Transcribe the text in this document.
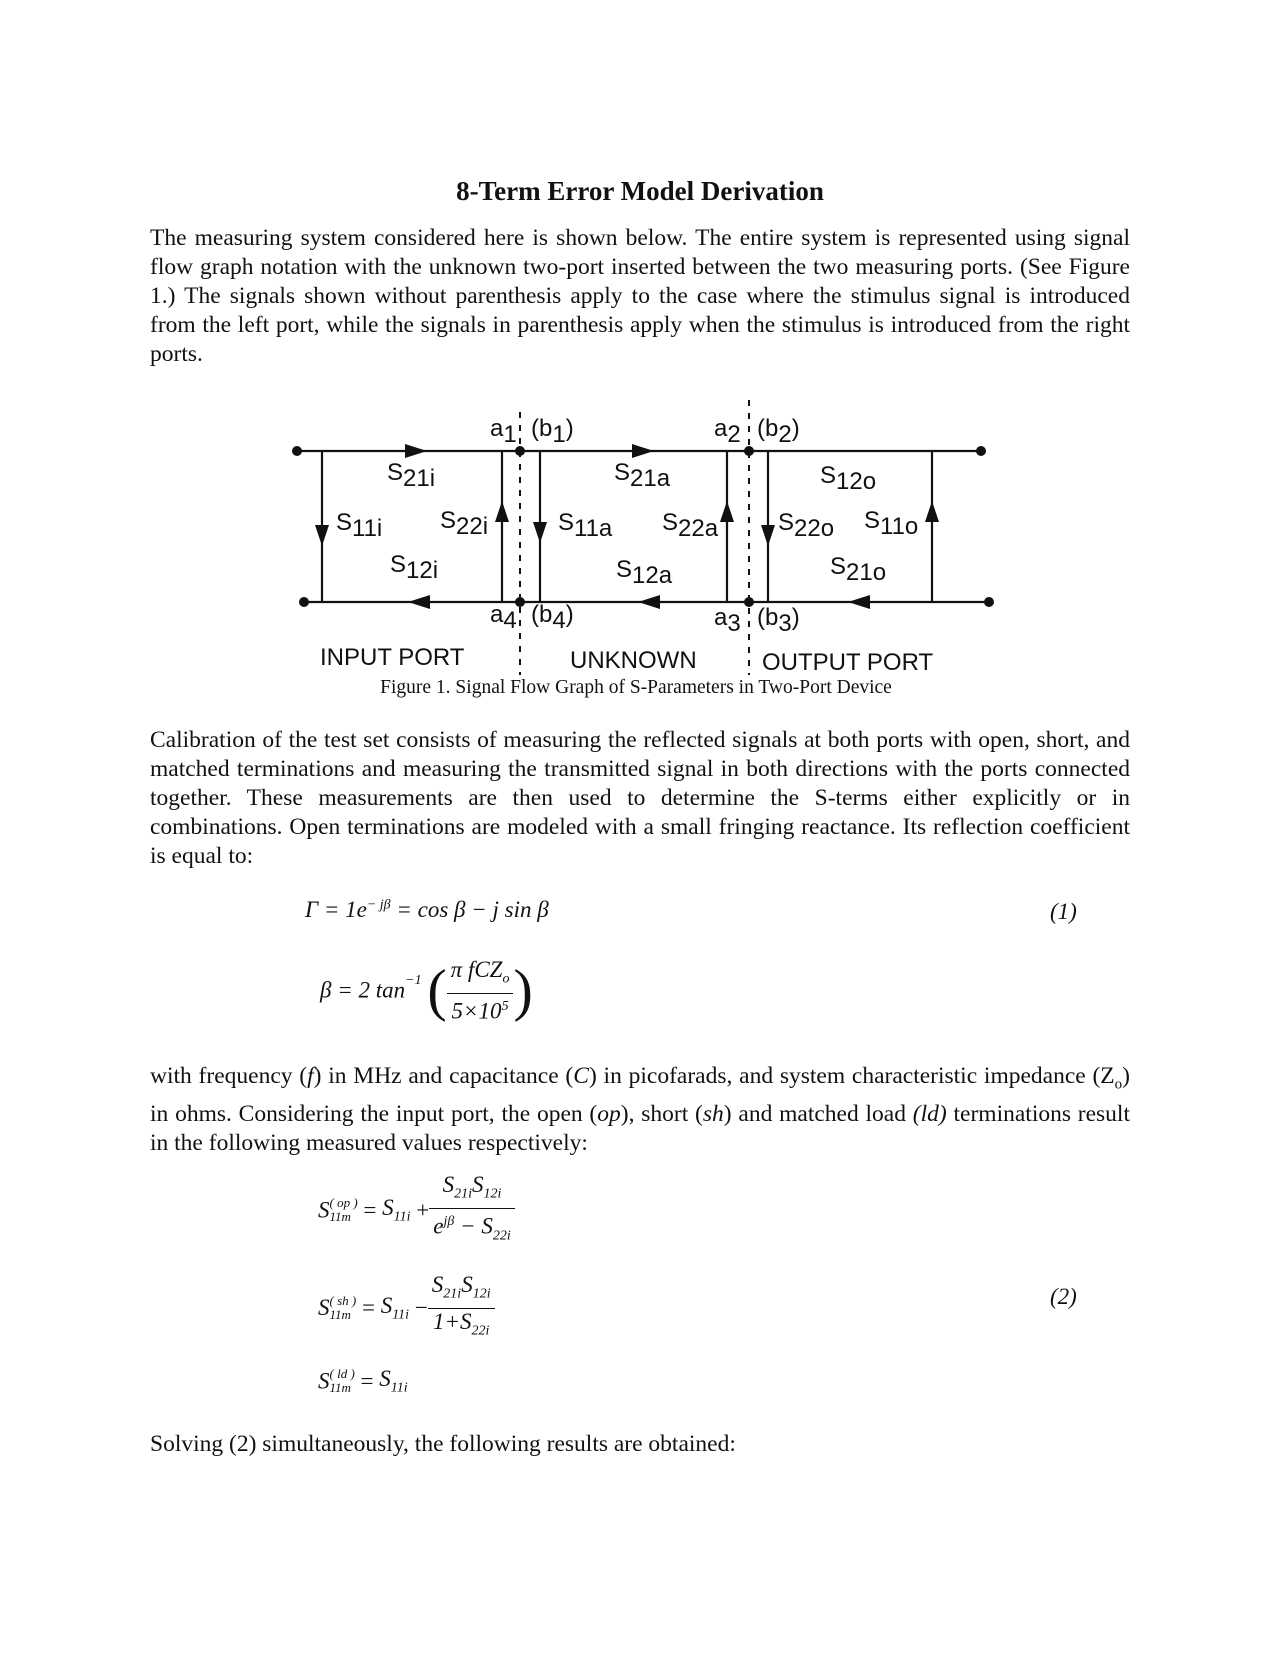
8-Term Error Model Derivation
The measuring system considered here is shown below. The entire system is represented using signal flow graph notation with the unknown two-port inserted between the two measuring ports. (See Figure 1.) The signals shown without parenthesis apply to the case where the stimulus signal is introduced from the left port, while the signals in parenthesis apply when the stimulus is introduced from the right ports.
a1 (b1)	a2 (b2)
a4 (b4)	a3 (b3)
S21i
S11i S22i
S12i
S21a
S11a S22a
S12a
S12o
S22o S11o
S21o
INPUT PORT	UNKNOWN	OUTPUT PORT
Figure 1. Signal Flow Graph of S-Parameters in Two-Port Device
Calibration of the test set consists of measuring the reflected signals at both ports with open, short, and matched terminations and measuring the transmitted signal in both directions with the ports connected together. These measurements are then used to determine the S-terms either explicitly or in combinations. Open terminations are modeled with a small fringing reactance. Its reflection coefficient is equal to:
$\Gamma = 1e^{- j\beta} = \cos \beta - j$ sin β	(1)
β = 2 $\tan^{-1}$ ( $\frac{\pi fCZ_o}{5\times 10^5}$ )
with frequency (f) in MHz and capacitance (C) in picofarads, and system characteristic impedance $(Z_o)$ in ohms. Considering the input port, the open (op), short (sh) and matched load (ld) terminations result in the following measured values respectively:
S ( op )
$11m = S_{11i} + \frac{S_{21i}S_{12i}}{e^{j\beta} - S_{22i}}$
S ( sh )
$11m = S_{11i} - \frac{S_{21i}S_{12i}}{1+S_{22i}}$	(2)
S ( ld )
$11m = S_{11i}$
Solving (2) simultaneously, the following results are obtained:
